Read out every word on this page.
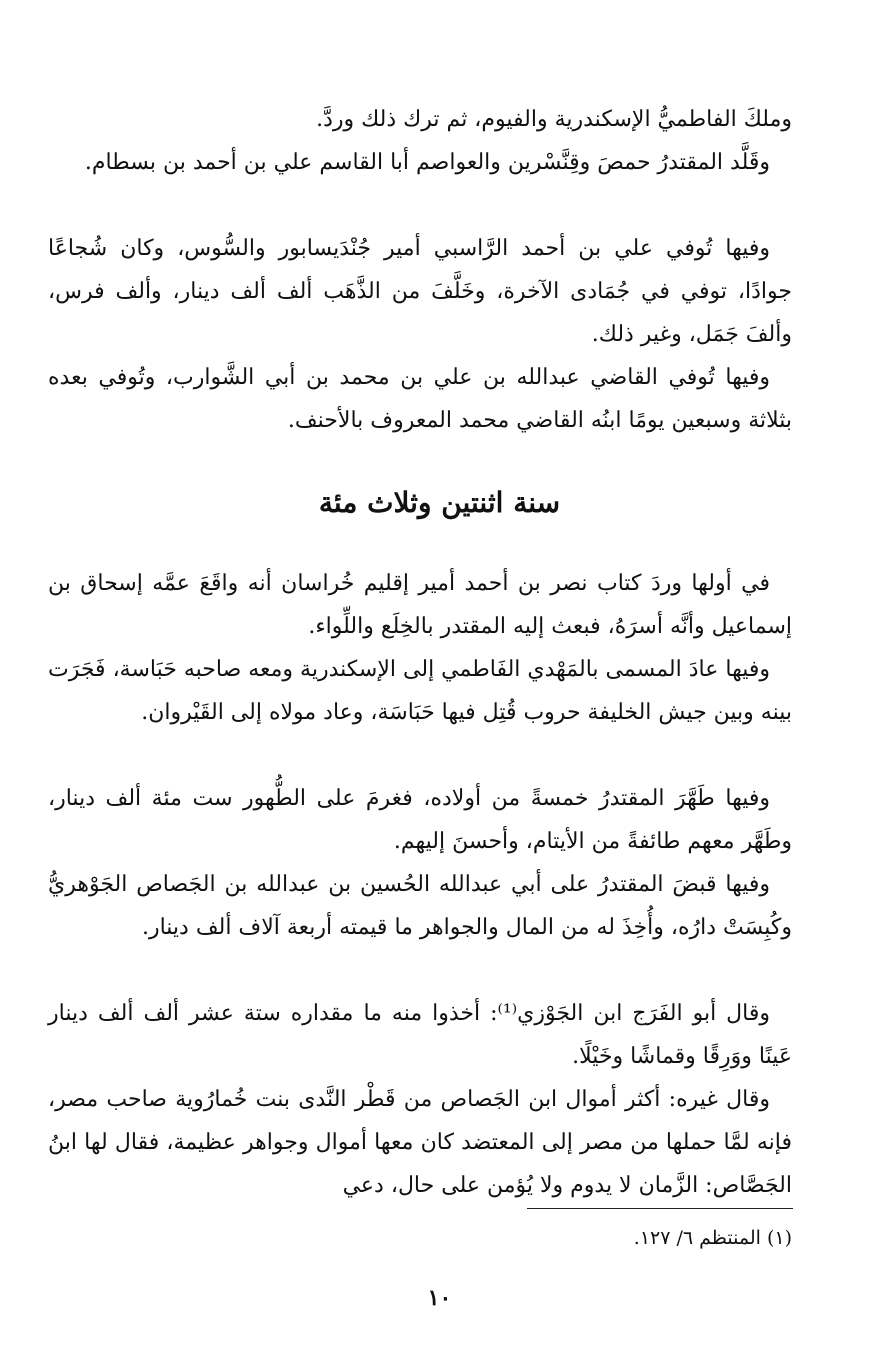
وملكَ الفاطميُّ الإسكندرية والفيوم، ثم ترك ذلك وردَّ.

وقَلَّد المقتدرُ حمصَ وقِنَّسْرين والعواصم أبا القاسم علي بن أحمد بن بسطام.

وفيها تُوفي علي بن أحمد الرَّاسبي أمير جُنْدَيسابور والسُّوس، وكان شُجاعًا جوادًا، توفي في جُمَادى الآخرة، وخَلَّفَ من الذَّهَب ألف ألف دينار، وألف فرس، وألفَ جَمَل، وغير ذلك.

وفيها تُوفي القاضي عبدالله بن علي بن محمد بن أبي الشَّوارب، وتُوفي بعده بثلاثة وسبعين يومًا ابنُه القاضي محمد المعروف بالأحنف.

سنة اثنتين وثلاث مئة

في أولها وردَ كتاب نصر بن أحمد أمير إقليم خُراسان أنه واقَعَ عمَّه إسحاق بن إسماعيل وأنَّه أسرَهُ، فبعث إليه المقتدر بالخِلَع واللِّواء.

وفيها عادَ المسمى بالمَهْدي الفَاطمي إلى الإسكندرية ومعه صاحبه حَبَاسة، فَجَرَت بينه وبين جيش الخليفة حروب قُتِل فيها حَبَاسَة، وعاد مولاه إلى القَيْروان.

وفيها طَهَّرَ المقتدرُ خمسةً من أولاده، فغرمَ على الطُّهور ست مئة ألف دينار، وطَهَّر معهم طائفةً من الأيتام، وأحسنَ إليهم.

وفيها قبضَ المقتدرُ على أبي عبدالله الحُسين بن عبدالله بن الجَصاص الجَوْهريُّ وكُبِسَتْ دارُه، وأُخِذَ له من المال والجواهر ما قيمته أربعة آلاف ألف دينار.

وقال أبو الفَرَج ابن الجَوْزي⁽¹⁾: أخذوا منه ما مقداره ستة عشر ألف ألف دينار عَينًا ووَرِقًا وقماشًا وخَيْلًا.

وقال غيره: أكثر أموال ابن الجَصاص من قَطْر النَّدى بنت خُمارُوية صاحب مصر، فإنه لمَّا حملها من مصر إلى المعتضد كان معها أموال وجواهر عظيمة، فقال لها ابنُ الجَصَّاص: الزَّمان لا يدوم ولا يُؤمن على حال، دعي

(١) المنتظم ٦/ ١٢٧.
١٠
